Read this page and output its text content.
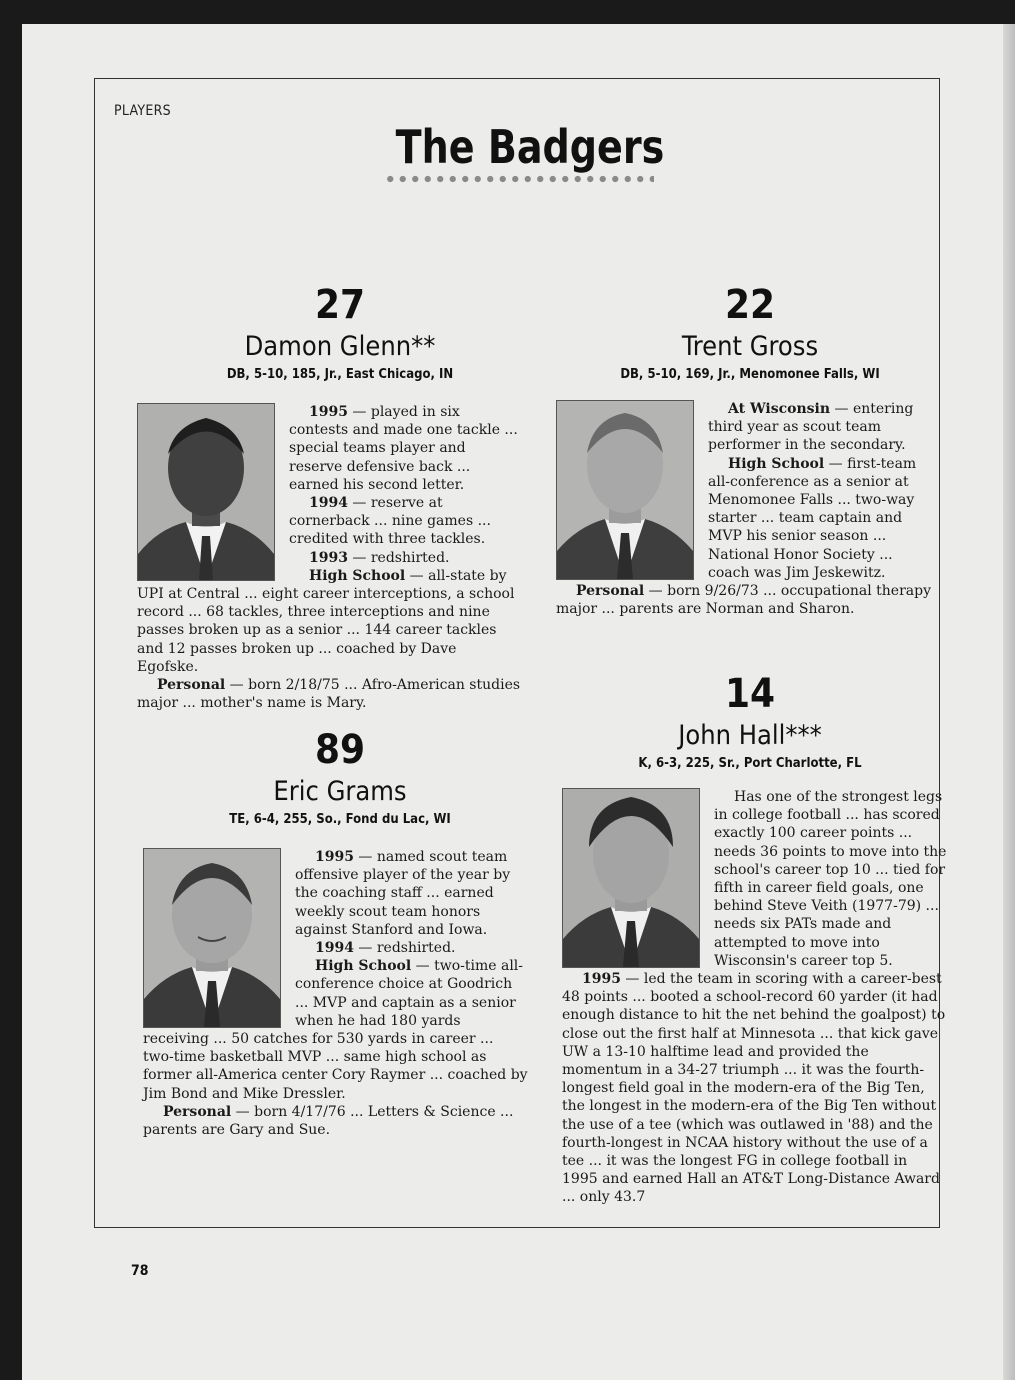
PLAYERS
The Badgers
27
Damon Glenn**
DB, 5-10, 185, Jr., East Chicago, IN

1995 — played in six contests and made one tackle ... special teams player and reserve defensive back ... earned his second letter.

1994 — reserve at cornerback ... nine games ... credited with three tackles.

1993 — redshirted.

High School — all-state by UPI at Central ... eight career interceptions, a school record ... 68 tackles, three interceptions and nine passes broken up as a senior ... 144 career tackles and 12 passes broken up ... coached by Dave Egofske.

Personal — born 2/18/75 ... Afro-American studies major ... mother's name is Mary.

89
Eric Grams
TE, 6-4, 255, So., Fond du Lac, WI

1995 — named scout team offensive player of the year by the coaching staff ... earned weekly scout team honors against Stanford and Iowa.

1994 — redshirted.

High School — two-time all-conference choice at Goodrich ... MVP and captain as a senior when he had 180 yards receiving ... 50 catches for 530 yards in career ... two-time basketball MVP ... same high school as former all-America center Cory Raymer ... coached by Jim Bond and Mike Dressler.

Personal — born 4/17/76 ... Letters & Science ... parents are Gary and Sue.

22
Trent Gross
DB, 5-10, 169, Jr., Menomonee Falls, WI

At Wisconsin — entering third year as scout team performer in the secondary.

High School — first-team all-conference as a senior at Menomonee Falls ... two-way starter ... team captain and MVP his senior season ... National Honor Society ... coach was Jim Jeskewitz.

Personal — born 9/26/73 ... occupational therapy major ... parents are Norman and Sharon.

14
John Hall***
K, 6-3, 225, Sr., Port Charlotte, FL

Has one of the strongest legs in college football ... has scored exactly 100 career points ... needs 36 points to move into the school's career top 10 ... tied for fifth in career field goals, one behind Steve Veith (1977-79) ... needs six PATs made and attempted to move into Wisconsin's career top 5.

1995 — led the team in scoring with a career-best 48 points ... booted a school-record 60 yarder (it had enough distance to hit the net behind the goalpost) to close out the first half at Minnesota ... that kick gave UW a 13-10 halftime lead and provided the momentum in a 34-27 triumph ... it was the fourth-longest field goal in the modern-era of the Big Ten, the longest in the modern-era of the Big Ten without the use of a tee (which was outlawed in '88) and the fourth-longest in NCAA history without the use of a tee ... it was the longest FG in college football in 1995 and earned Hall an AT&T Long-Distance Award ... only 43.7

78
